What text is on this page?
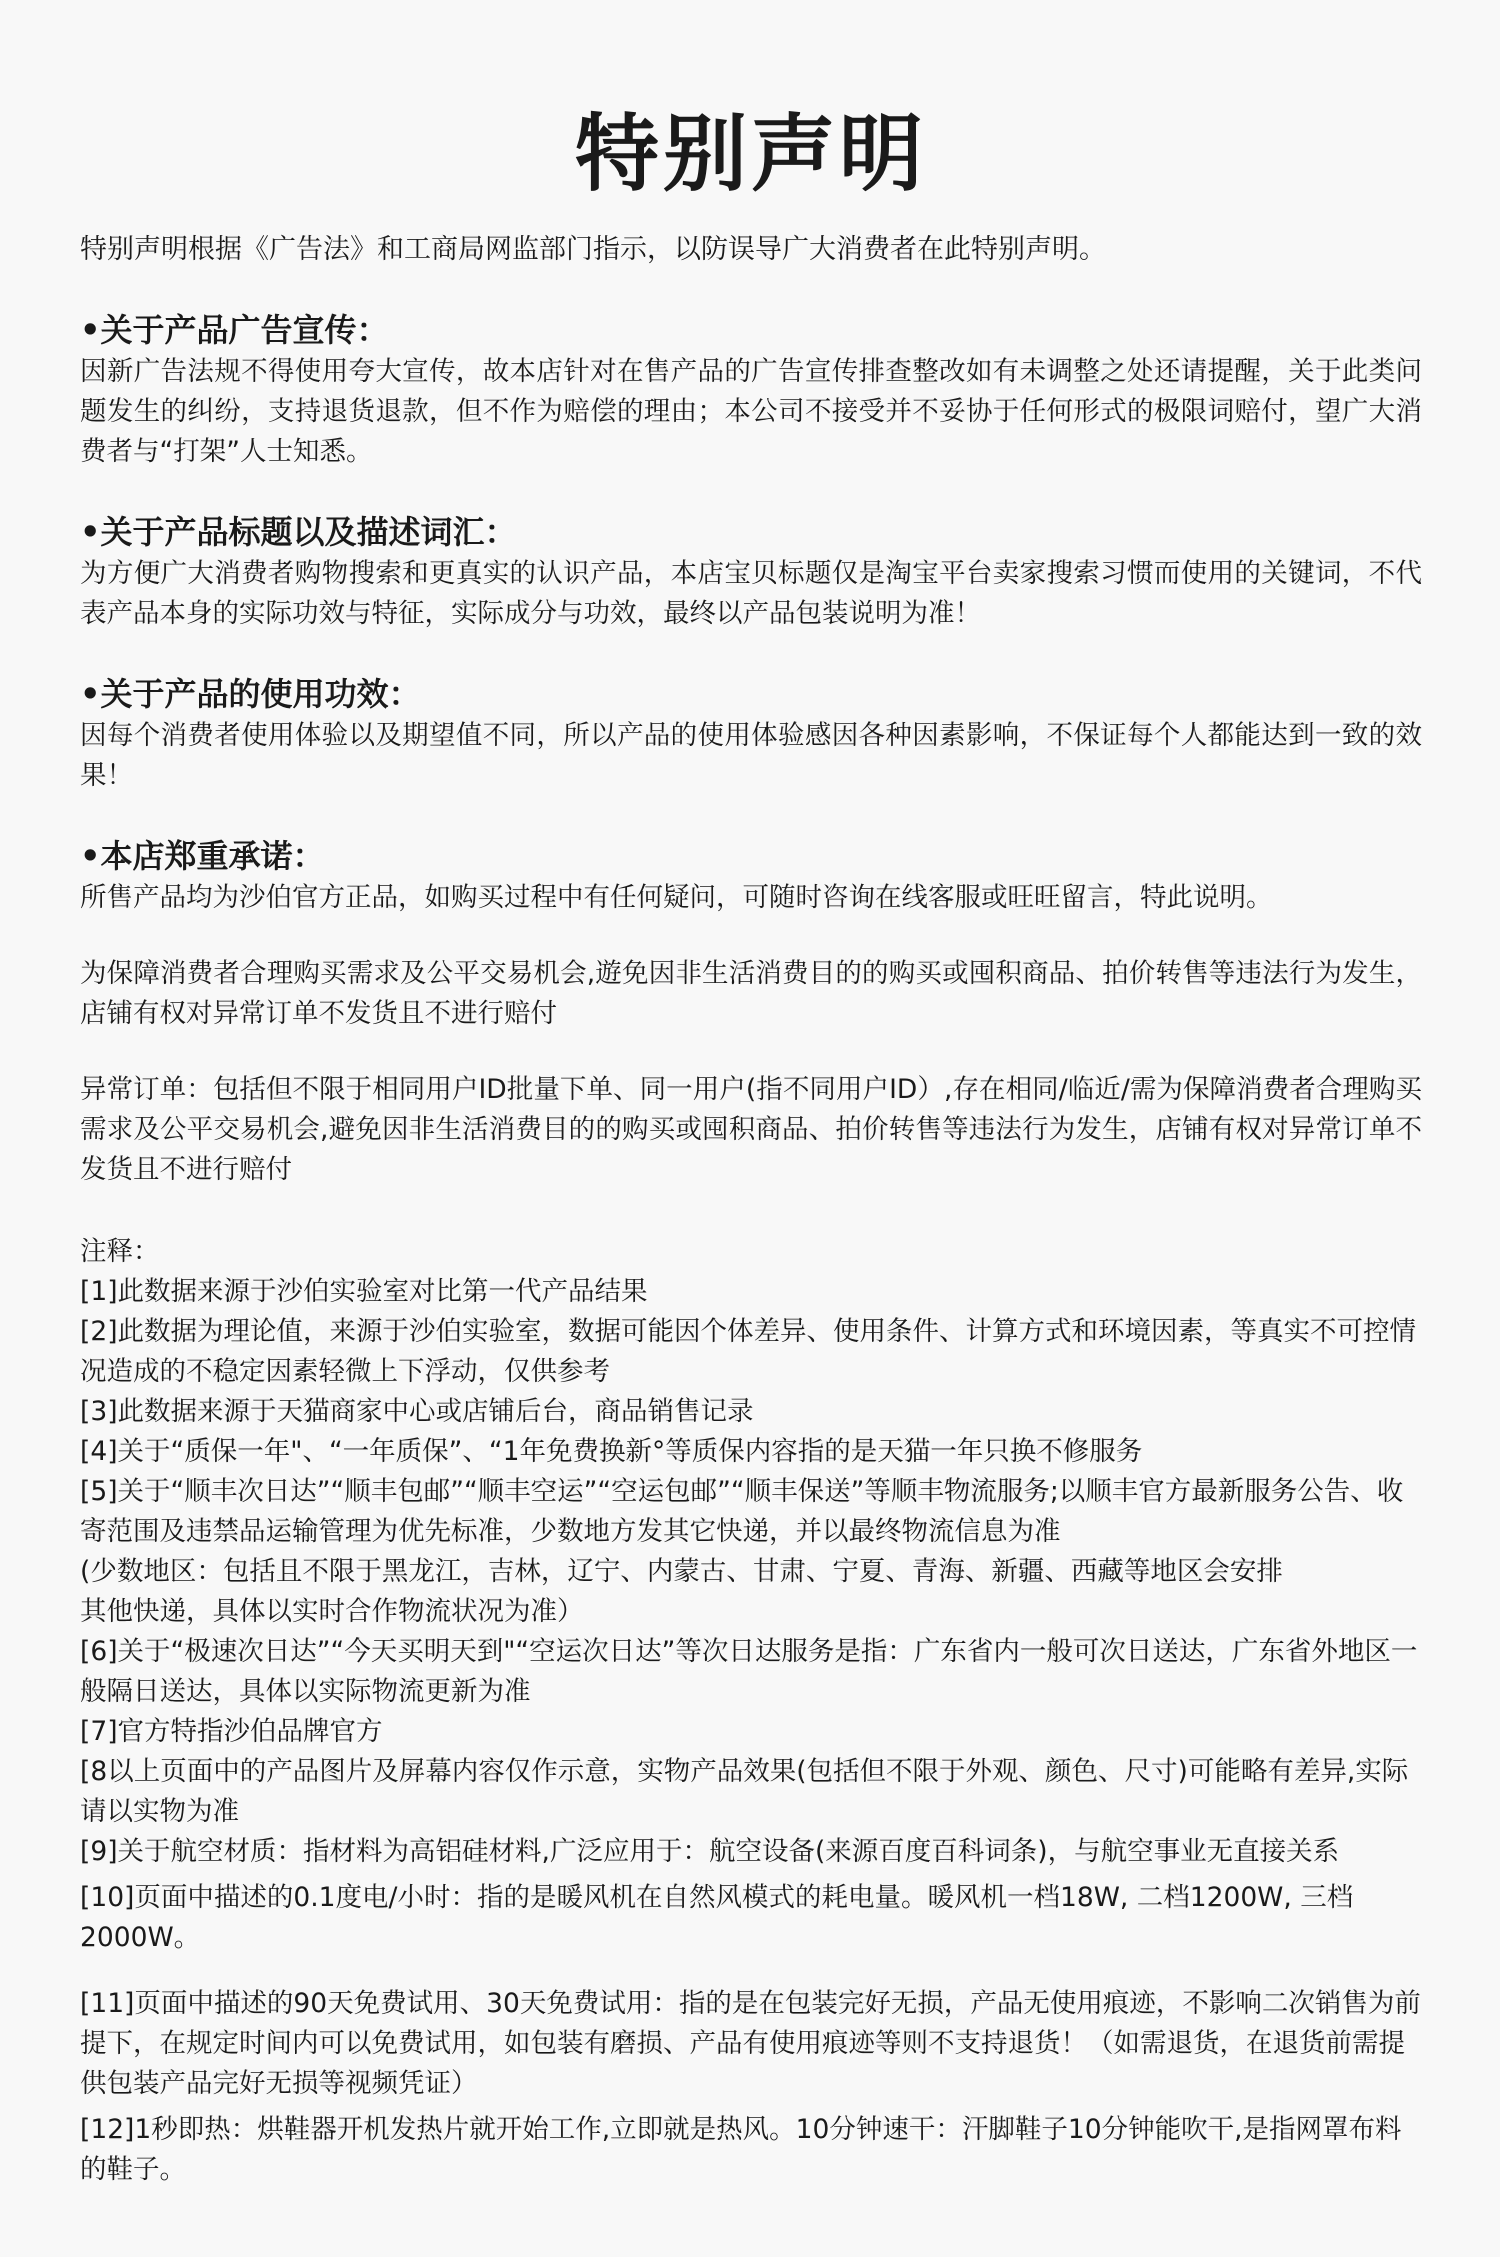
特别声明
特别声明根据《广告法》和工商局网监部门指示，以防误导广大消费者在此特别声明。
•关于产品广告宣传：
因新广告法规不得使用夸大宣传，故本店针对在售产品的广告宣传排查整改如有未调整之处还请提醒，关于此类问题发生的纠纷，支持退货退款，但不作为赔偿的理由；本公司不接受并不妥协于任何形式的极限词赔付，望广大消费者与“打架”人士知悉。
•关于产品标题以及描述词汇：
为方便广大消费者购物搜索和更真实的认识产品，本店宝贝标题仅是淘宝平台卖家搜索习惯而使用的关键词，不代表产品本身的实际功效与特征，实际成分与功效，最终以产品包装说明为准！
•关于产品的使用功效：
因每个消费者使用体验以及期望值不同，所以产品的使用体验感因各种因素影响，不保证每个人都能达到一致的效果！
•本店郑重承诺：
所售产品均为沙伯官方正品，如购买过程中有任何疑问，可随时咨询在线客服或旺旺留言，特此说明。
为保障消费者合理购买需求及公平交易机会,遊免因非生活消费目的的购买或囤积商品、拍价转售等违法行为发生，店铺有权对异常订单不发货且不进行赔付
异常订单：包括但不限于相同用户ID批量下单、同一用户(指不同用户ID）,存在相同/临近/需为保障消费者合理购买需求及公平交易机会,避免因非生活消费目的的购买或囤积商品、拍价转售等违法行为发生，店铺有权对异常订单不发货且不进行赔付
注释：
[1]此数据来源于沙伯实验室对比第一代产品结果
[2]此数据为理论值，来源于沙伯实验室，数据可能因个体差异、使用条件、计算方式和环境因素，等真实不可控情况造成的不稳定因素轻微上下浮动，仅供参考
[3]此数据来源于天猫商家中心或店铺后台，商品销售记录
[4]关于“质保一年"、“一年质保”、“1年免费换新°等质保内容指的是天猫一年只换不修服务
[5]关于“顺丰次日达”“顺丰包邮”“顺丰空运”“空运包邮”“顺丰保送”等顺丰物流服务;以顺丰官方最新服务公告、收寄范围及违禁品运输管理为优先标准，少数地方发其它快递，并以最终物流信息为准
(少数地区：包括且不限于黑龙江，吉林，辽宁、内蒙古、甘肃、宁夏、青海、新疆、西藏等地区会安排
其他快递，具体以实时合作物流状况为准）
[6]关于“极速次日达”“今天买明天到"“空运次日达”等次日达服务是指：广东省内一般可次日送达，广东省外地区一般隔日送达，具体以实际物流更新为准
[7]官方特指沙伯品牌官方
[8以上页面中的产品图片及屏幕内容仅作示意，实物产品效果(包括但不限于外观、颜色、尺寸)可能略有差异,实际请以实物为准
[9]关于航空材质：指材料为高铝硅材料,广泛应用于：航空设备(来源百度百科词条)，与航空事业无直接关系
[10]页面中描述的0.1度电/小时：指的是暖风机在自然风模式的耗电量。暖风机一档18W, 二档1200W, 三档2000W。
[11]页面中描述的90天免费试用、30天免费试用：指的是在包装完好无损，产品无使用痕迹，不影响二次销售为前提下，在规定时间内可以免费试用，如包装有磨损、产品有使用痕迹等则不支持退货！（如需退货，在退货前需提供包装产品完好无损等视频凭证）
[12]1秒即热：烘鞋器开机发热片就开始工作,立即就是热风。10分钟速干：汗脚鞋子10分钟能吹干,是指网罩布料的鞋子。
